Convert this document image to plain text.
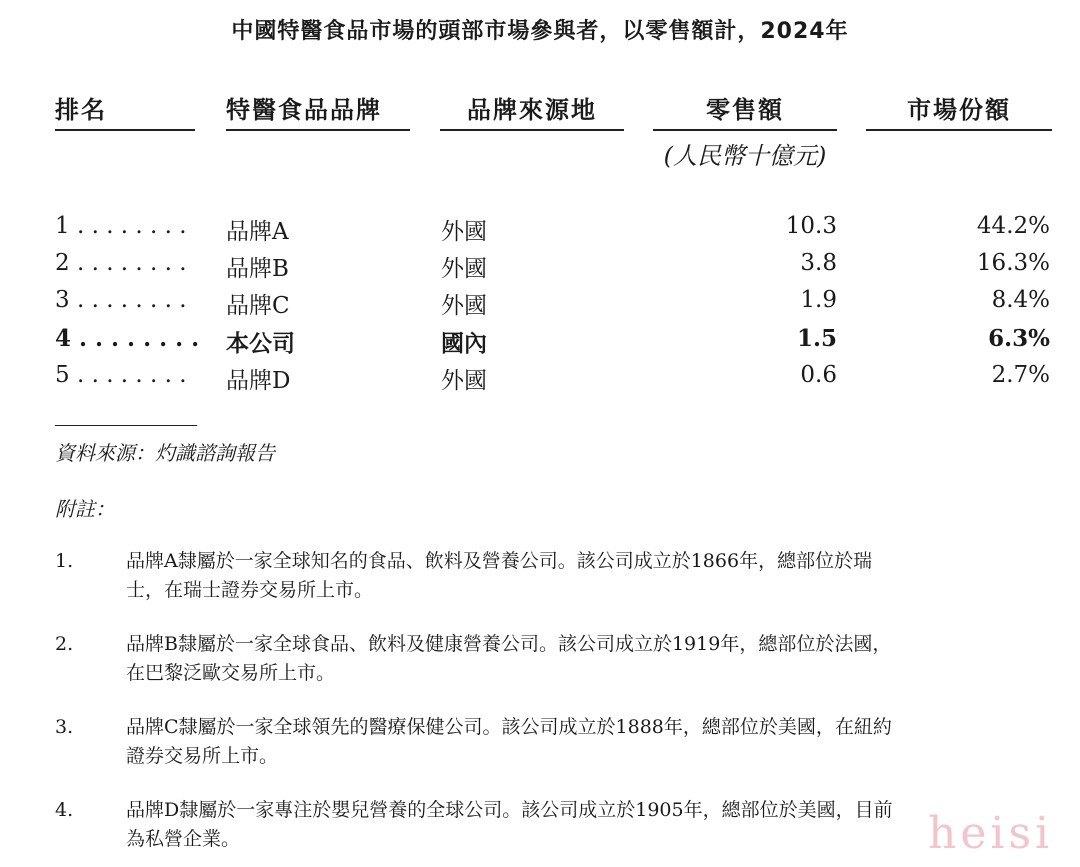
中國特醫食品市場的頭部市場參與者，以零售額計，2024年
排名	特醫食品品牌	品牌來源地	零售額	市場份額
(人民幣十億元)
1 . . . . . . . . 品牌A	外國	10.3	44.2%
2 . . . . . . . . 品牌B	外國	3.8	16.3%
3 . . . . . . . . 品牌C	外國	1.9	8.4%
4 . . . . . . . . 本公司	國內	1.5	6.3%
5 . . . . . . . . 品牌D	外國	0.6	2.7%
資料來源：灼識諮詢報告
附註：
1.	品牌A隸屬於一家全球知名的食品、飲料及營養公司。該公司成立於1866年，總部位於瑞
士，在瑞士證券交易所上市。
2.	品牌B隸屬於一家全球食品、飲料及健康營養公司。該公司成立於1919年，總部位於法國，
在巴黎泛歐交易所上市。
3.	品牌C隸屬於一家全球領先的醫療保健公司。該公司成立於1888年，總部位於美國，在紐約
證券交易所上市。
4.	品牌D隸屬於一家專注於嬰兒營養的全球公司。該公司成立於1905年，總部位於美國，目前
為私營企業。	heisi
